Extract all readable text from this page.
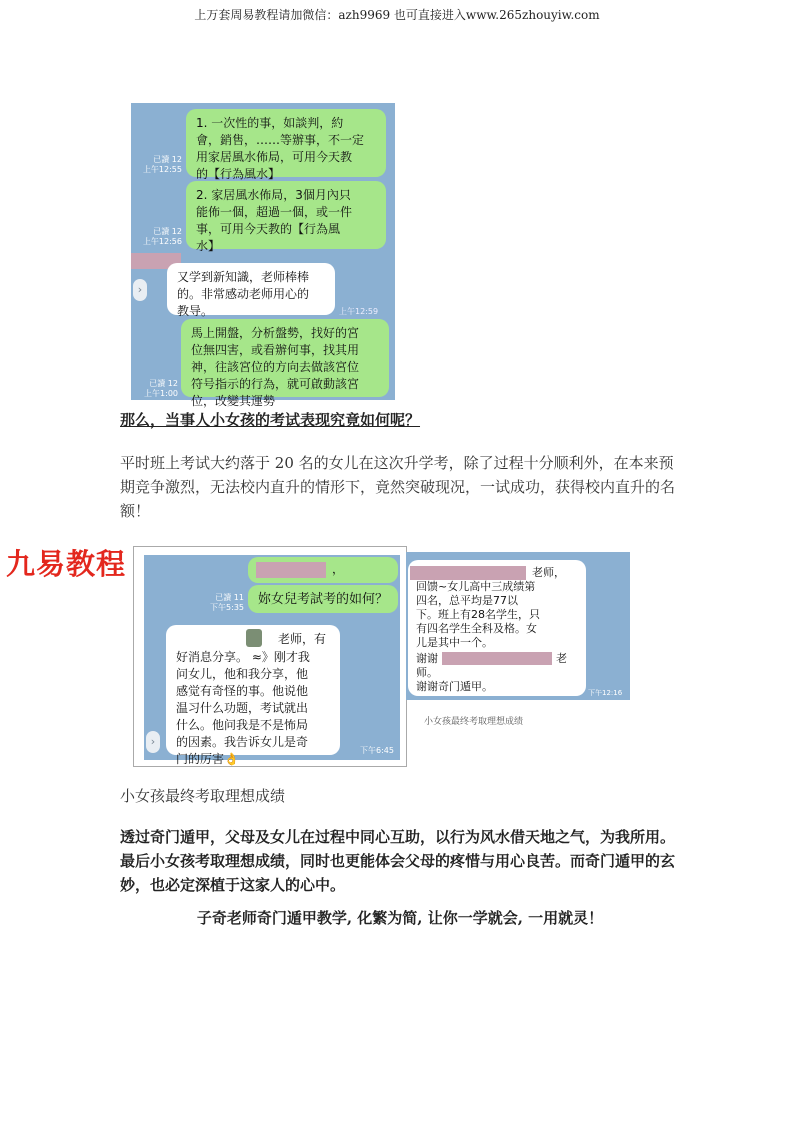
上万套周易教程请加微信：azh9969 也可直接进入www.265zhouyiw.com
1. 一次性的事，如談判，約
會，銷售，……等辦事，不一定
用家居風水佈局，可用今天教
的【行為風水】
已讀 12
上午12:55
2. 家居風水佈局，3個月內只
能佈一個，超過一個，或一件
事，可用今天教的【行為風
水】
已讀 12
上午12:56
›
又学到新知識，老师棒棒
的。非常感动老师用心的
教导。	上午12:59
馬上開盤，分析盤勢，找好的宮
位無四害，或看辦何事，找其用
神，往該宮位的方向去做該宮位
符号指示的行為，就可啟動該宮
位，改變其運勢
已讀 12
上午1:00
那么，当事人小女孩的考试表现究竟如何呢？
平时班上考试大约落于 20 名的女儿在这次升学考，除了过程十分顺利外，在本来预期竞争激烈，无法校内直升的情形下，竟然突破现况，一试成功，获得校内直升的名额！
九易教程	，

妳女兒考試考的如何？
已讀 11
下午5:35
›

老师，有

好消息分享。 ≈》刚才我
问女儿，他和我分享，他
感觉有奇怪的事。他说他
温习什么功题，考试就出
什么。他问我是不是怖局
的因素。我告诉女儿是奇
门的厉害👌

下午6:45

老师，

回馈~女儿高中三成绩第
四名，总平均是77以
下。班上有28名学生，只
有四名学生全科及格。女
儿是其中一个。

谢谢	老

师。

谢谢奇门遁甲。	下午12:16
小女孩最终考取理想成绩
小女孩最终考取理想成绩
透过奇门遁甲，父母及女儿在过程中同心互助，以行为风水借天地之气，为我所用。最后小女孩考取理想成绩，同时也更能体会父母的疼惜与用心良苦。而奇门遁甲的玄妙，也必定深植于这家人的心中。
子奇老师奇门遁甲教学, 化繁为简, 让你一学就会, 一用就灵！
